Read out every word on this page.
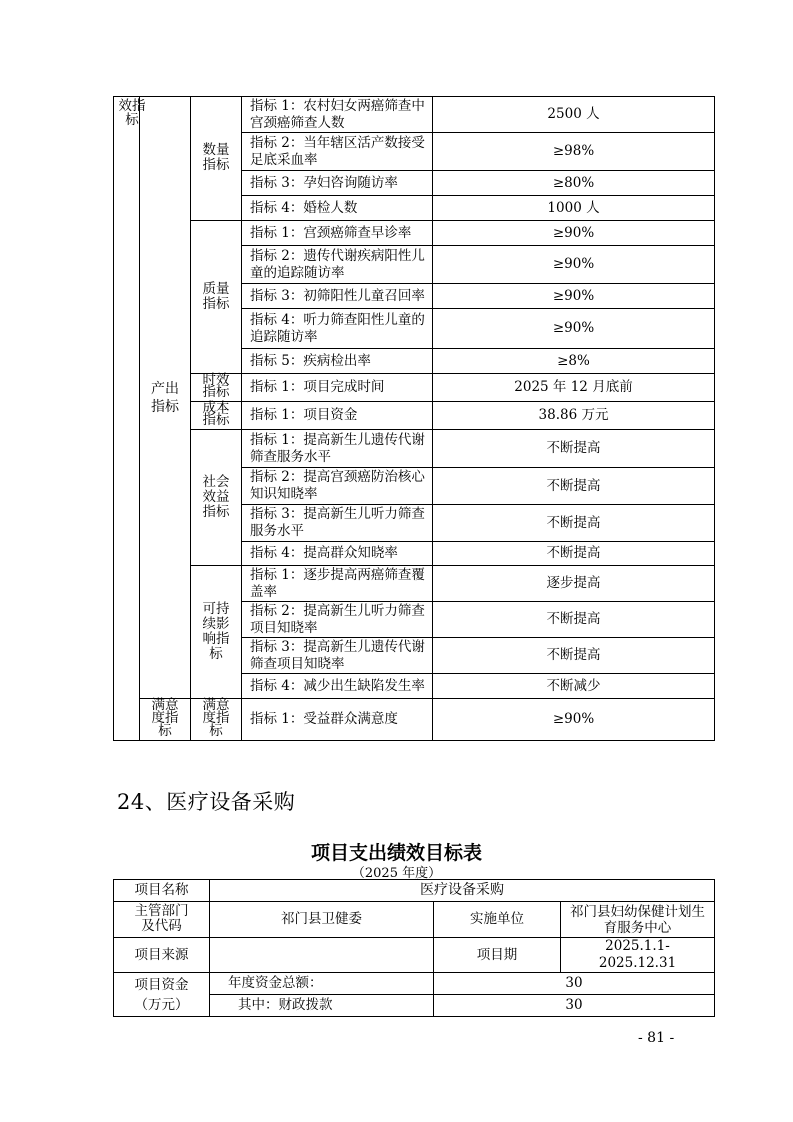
效指标	产出指标	数量指标	指标 1：农村妇女两癌筛查中宫颈癌筛查人数	2500 人
			指标 2：当年辖区活产数接受足底采血率	≥98%
			指标 3：孕妇咨询随访率	≥80%
			指标 4：婚检人数	1000 人
		质量指标	指标 1：宫颈癌筛查早诊率	≥90%
			指标 2：遗传代谢疾病阳性儿童的追踪随访率	≥90%
			指标 3：初筛阳性儿童召回率	≥90%
			指标 4：听力筛查阳性儿童的追踪随访率	≥90%
			指标 5：疾病检出率	≥8%
		时效指标	指标 1：项目完成时间	2025 年 12 月底前
		成本指标	指标 1：项目资金	38.86 万元
		社会效益指标	指标 1：提高新生儿遗传代谢筛查服务水平	不断提高
			指标 2：提高宫颈癌防治核心知识知晓率	不断提高
			指标 3：提高新生儿听力筛查服务水平	不断提高
			指标 4：提高群众知晓率	不断提高
		可持续影响指标	指标 1：逐步提高两癌筛查覆盖率	逐步提高
			指标 2：提高新生儿听力筛查项目知晓率	不断提高
			指标 3：提高新生儿遗传代谢筛查项目知晓率	不断提高
			指标 4：减少出生缺陷发生率	不断减少
	满意度指标	满意度指标	指标 1：受益群众满意度	≥90%
24、医疗设备采购
项目支出绩效目标表
（2025 年度）
项目名称	医疗设备采购		
主管部门及代码	祁门县卫健委	实施单位	祁门县妇幼保健计划生育服务中心
项目来源		项目期	2025.1.1-2025.12.31
项目资金（万元）	年度资金总额：	30	
	其中：财政拨款	30	
- 81 -
